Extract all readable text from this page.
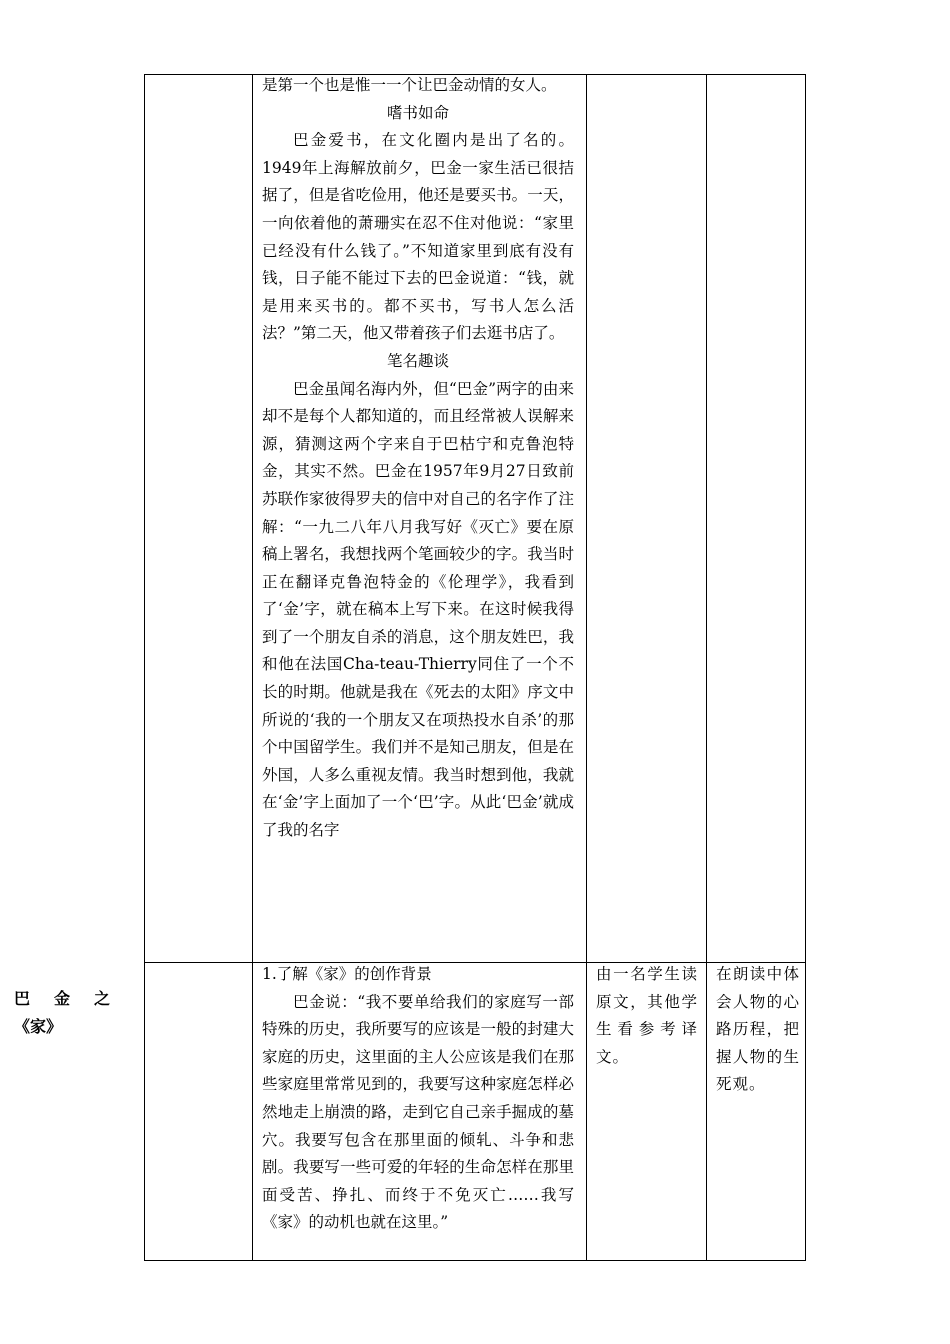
是第一个也是惟一一个让巴金动情的女人。

嗜书如命

巴金爱书，在文化圈内是出了名的。1949年上海解放前夕，巴金一家生活已很拮据了，但是省吃俭用，他还是要买书。一天，一向依着他的萧珊实在忍不住对他说：“家里已经没有什么钱了。”不知道家里到底有没有钱，日子能不能过下去的巴金说道：“钱，就是用来买书的。都不买书，写书人怎么活法？”第二天，他又带着孩子们去逛书店了。

笔名趣谈

巴金虽闻名海内外，但“巴金”两字的由来却不是每个人都知道的，而且经常被人误解来源，猜测这两个字来自于巴枯宁和克鲁泡特金，其实不然。巴金在1957年9月27日致前苏联作家彼得罗夫的信中对自己的名字作了注解：“一九二八年八月我写好《灭亡》要在原稿上署名，我想找两个笔画较少的字。我当时正在翻译克鲁泡特金的《伦理学》，我看到了‘金’字，就在稿本上写下来。在这时候我得到了一个朋友自杀的消息，这个朋友姓巴，我和他在法国Cha-teau-Thierry同住了一个不长的时期。他就是我在《死去的太阳》序文中所说的‘我的一个朋友又在项热投水自杀’的那个中国留学生。我们并不是知己朋友，但是在外国，人多么重视友情。我当时想到他，我就在‘金’字上面加了一个‘巴’字。从此‘巴金’就成了我的名字

巴 金 之
《家》

1.了解《家》的创作背景

巴金说：“我不要单给我们的家庭写一部特殊的历史，我所要写的应该是一般的封建大家庭的历史，这里面的主人公应该是我们在那些家庭里常常见到的，我要写这种家庭怎样必然地走上崩溃的路，走到它自己亲手掘成的墓穴。我要写包含在那里面的倾轧、斗争和悲剧。我要写一些可爱的年轻的生命怎样在那里面受苦、挣扎、而终于不免灭亡……我写《家》的动机也就在这里。”

由一名学生读原文，其他学生看参考译文。

在朗读中体会人物的心路历程，把握人物的生死观。
